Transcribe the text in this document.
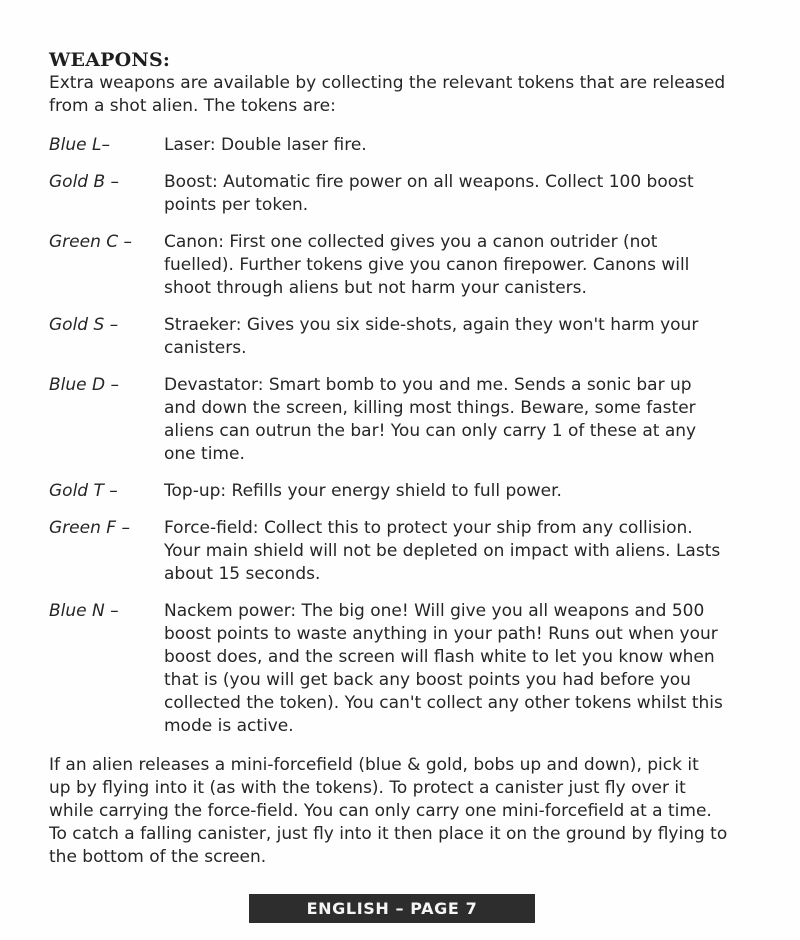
WEAPONS:
Extra weapons are available by collecting the relevant tokens that are released from a shot alien. The tokens are:
Blue L–	Laser: Double laser fire.
Gold B –	Boost: Automatic fire power on all weapons. Collect 100 boost
points per token.
Green C –	Canon: First one collected gives you a canon outrider (not
fuelled). Further tokens give you canon firepower. Canons will
shoot through aliens but not harm your canisters.
Gold S –	Straeker: Gives you six side-shots, again they won't harm your
canisters.
Blue D –	Devastator: Smart bomb to you and me. Sends a sonic bar up
and down the screen, killing most things. Beware, some faster
aliens can outrun the bar! You can only carry 1 of these at any
one time.
Gold T –	Top-up: Refills your energy shield to full power.
Green F –	Force-field: Collect this to protect your ship from any collision.
Your main shield will not be depleted on impact with aliens. Lasts
about 15 seconds.
Blue N –	Nackem power: The big one! Will give you all weapons and 500
boost points to waste anything in your path! Runs out when your
boost does, and the screen will flash white to let you know when
that is (you will get back any boost points you had before you
collected the token). You can't collect any other tokens whilst this
mode is active.
If an alien releases a mini-forcefield (blue & gold, bobs up and down), pick it
up by flying into it (as with the tokens). To protect a canister just fly over it
while carrying the force-field. You can only carry one mini-forcefield at a time.
To catch a falling canister, just fly into it then place it on the ground by flying to
the bottom of the screen.
ENGLISH – PAGE 7
